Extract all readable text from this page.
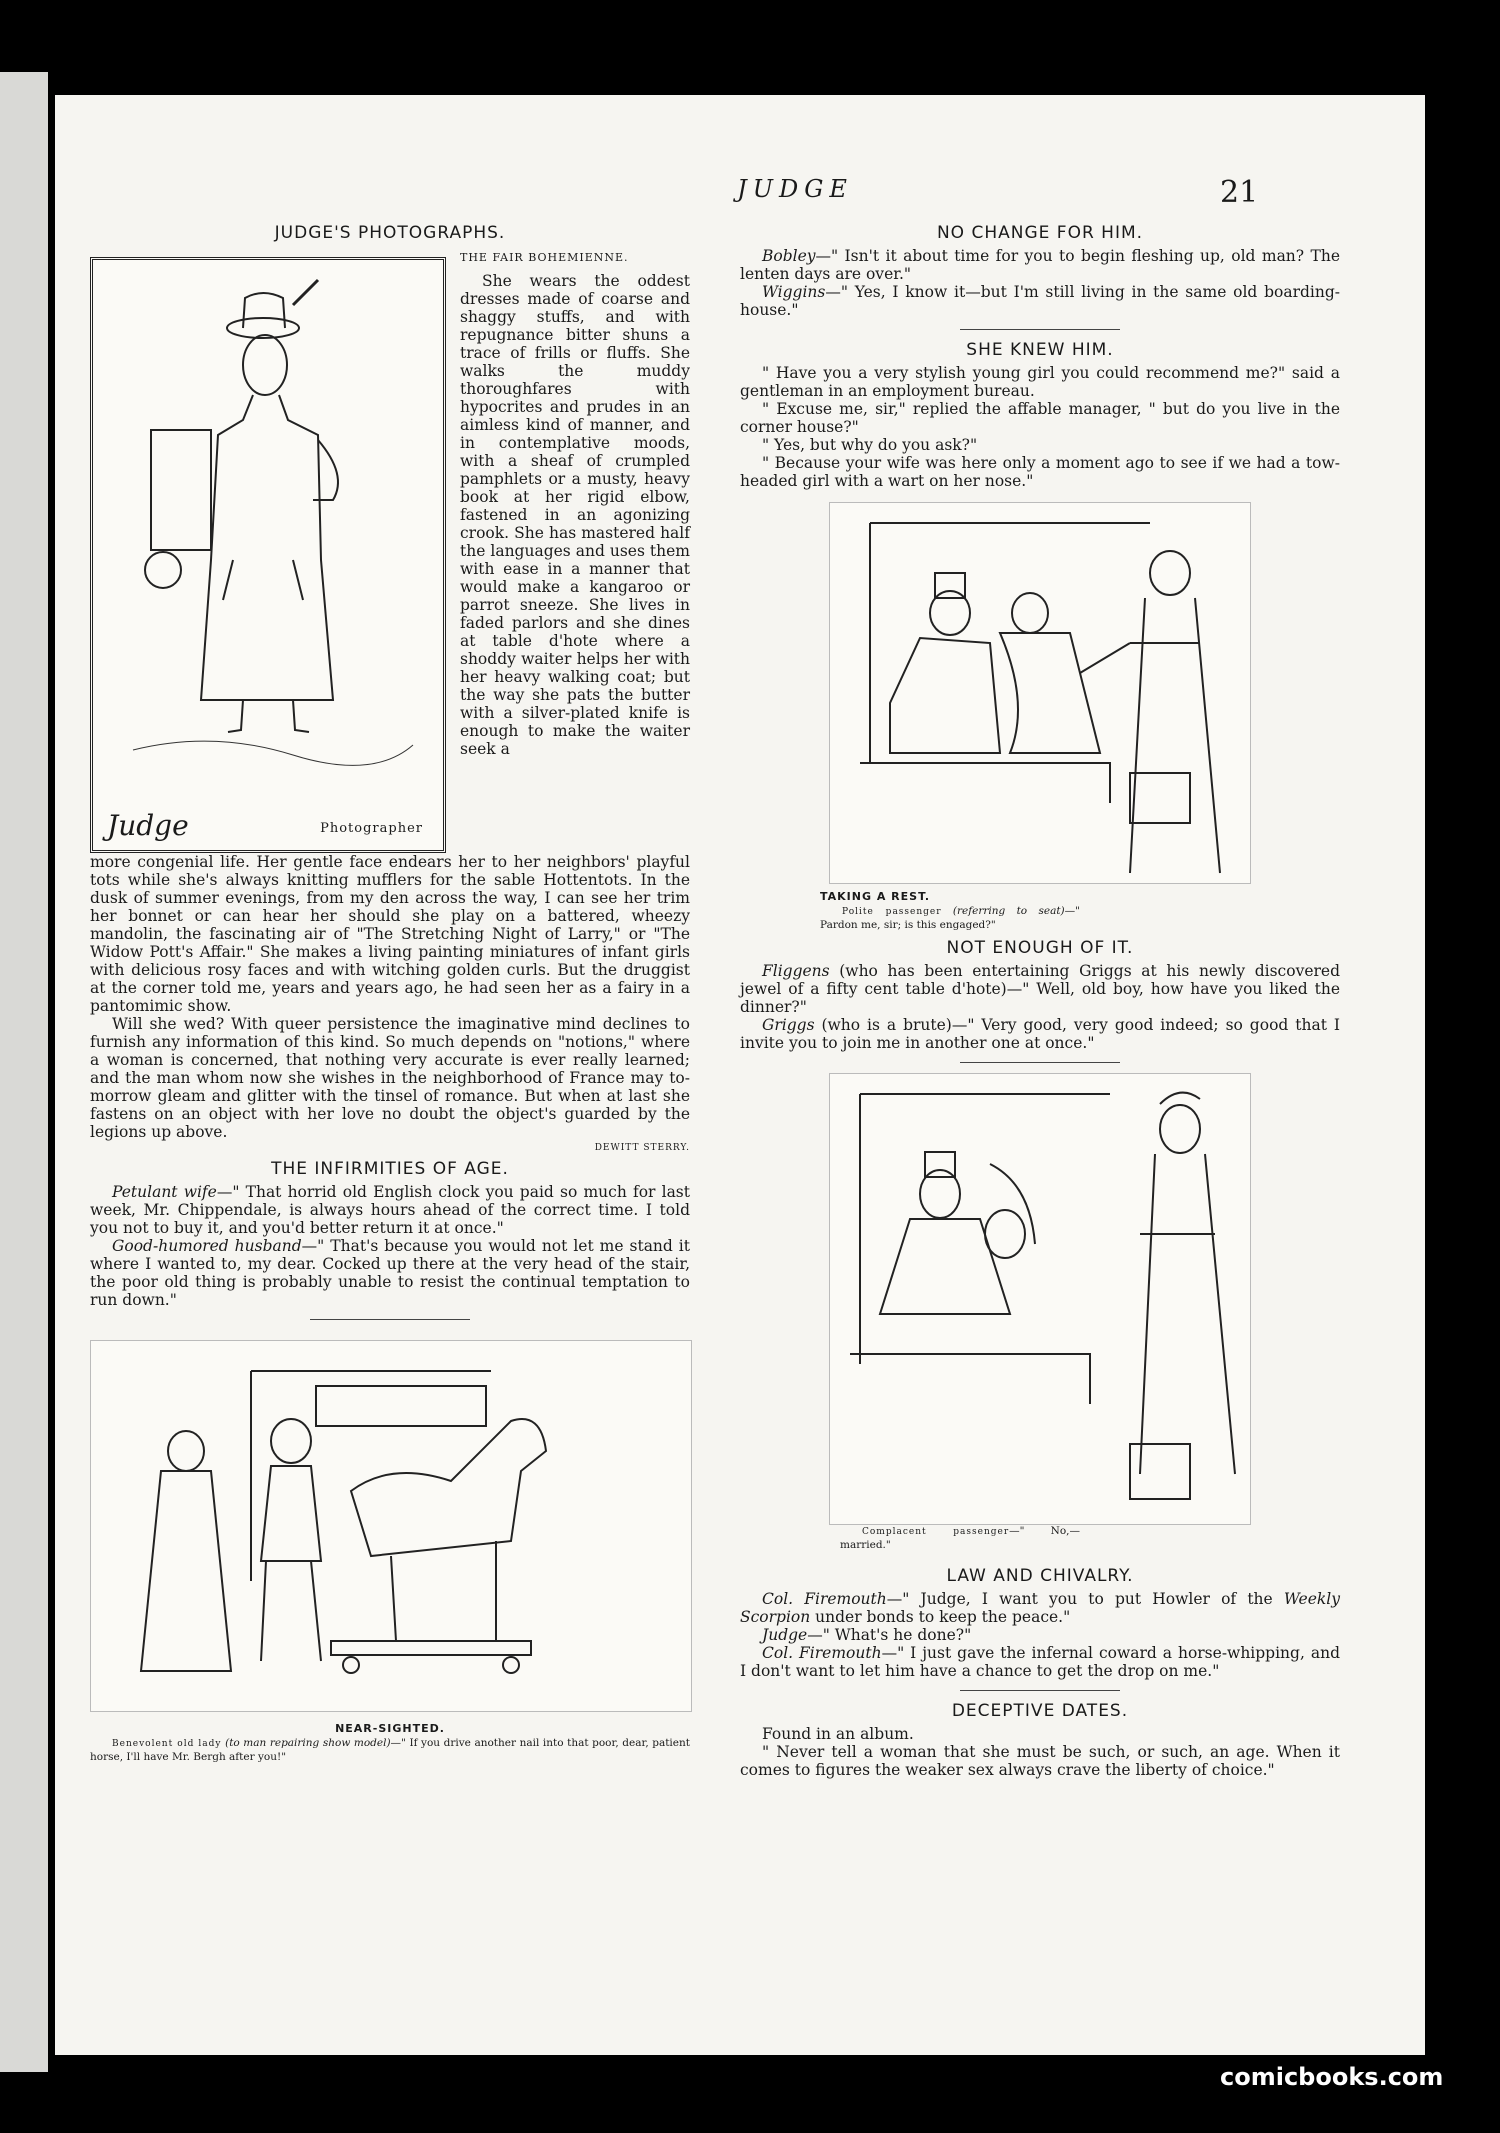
JUDGE	21
JUDGE'S PHOTOGRAPHS.
Judge	Photographer
THE FAIR BOHEMIENNE.

She wears the oddest dresses made of coarse and shaggy stuffs, and with repugnance bitter shuns a trace of frills or fluffs. She walks the muddy thoroughfares with hypocrites and prudes in an aimless kind of manner, and in contemplative moods, with a sheaf of crumpled pamphlets or a musty, heavy book at her rigid elbow, fastened in an agonizing crook. She has mastered half the languages and uses them with ease in a manner that would make a kangaroo or parrot sneeze. She lives in faded parlors and she dines at table d'hote where a shoddy waiter helps her with her heavy walking coat; but the way she pats the butter with a silver-plated knife is enough to make the waiter seek a

more congenial life. Her gentle face endears her to her neighbors' playful tots while she's always knitting mufflers for the sable Hottentots. In the dusk of summer evenings, from my den across the way, I can see her trim her bonnet or can hear her should she play on a battered, wheezy mandolin, the fascinating air of "The Stretching Night of Larry," or "The Widow Pott's Affair." She makes a living painting miniatures of infant girls with delicious rosy faces and with witching golden curls. But the druggist at the corner told me, years and years ago, he had seen her as a fairy in a pantomimic show.

Will she wed? With queer persistence the imaginative mind declines to furnish any information of this kind. So much depends on "notions," where a woman is concerned, that nothing very accurate is ever really learned; and the man whom now she wishes in the neighborhood of France may to-morrow gleam and glitter with the tinsel of romance. But when at last she fastens on an object with her love no doubt the object's guarded by the legions up above.

DEWITT STERRY.
THE INFIRMITIES OF AGE.

Petulant wife—" That horrid old English clock you paid so much for last week, Mr. Chippendale, is always hours ahead of the correct time. I told you not to buy it, and you'd better return it at once."

Good-humored husband—" That's because you would not let me stand it where I wanted to, my dear. Cocked up there at the very head of the stair, the poor old thing is probably unable to resist the continual temptation to run down."

NEAR-SIGHTED.

Benevolent old lady (to man repairing show model)—" If you drive another nail into that poor, dear, patient horse, I'll have Mr. Bergh after you!"

NO CHANGE FOR HIM.

Bobley—" Isn't it about time for you to begin fleshing up, old man? The lenten days are over."

Wiggins—" Yes, I know it—but I'm still living in the same old boarding-house."

SHE KNEW HIM.

" Have you a very stylish young girl you could recommend me?" said a gentleman in an employment bureau.

" Excuse me, sir," replied the affable manager, " but do you live in the corner house?"

" Yes, but why do you ask?"

" Because your wife was here only a moment ago to see if we had a tow-headed girl with a wart on her nose."

TAKING A REST.

Polite passenger (referring to seat)—" Pardon me, sir; is this engaged?"

NOT ENOUGH OF IT.

Fliggens (who has been entertaining Griggs at his newly discovered jewel of a fifty cent table d'hote)—" Well, old boy, how have you liked the dinner?"

Griggs (who is a brute)—" Very good, very good indeed; so good that I invite you to join me in another one at once."

Complacent passenger—" No,—married."

LAW AND CHIVALRY.

Col. Firemouth—" Judge, I want you to put Howler of the Weekly Scorpion under bonds to keep the peace."

Judge—" What's he done?"

Col. Firemouth—" I just gave the infernal coward a horse-whipping, and I don't want to let him have a chance to get the drop on me."

DECEPTIVE DATES.

Found in an album.

" Never tell a woman that she must be such, or such, an age. When it comes to figures the weaker sex always crave the liberty of choice."

comicbooks.com
